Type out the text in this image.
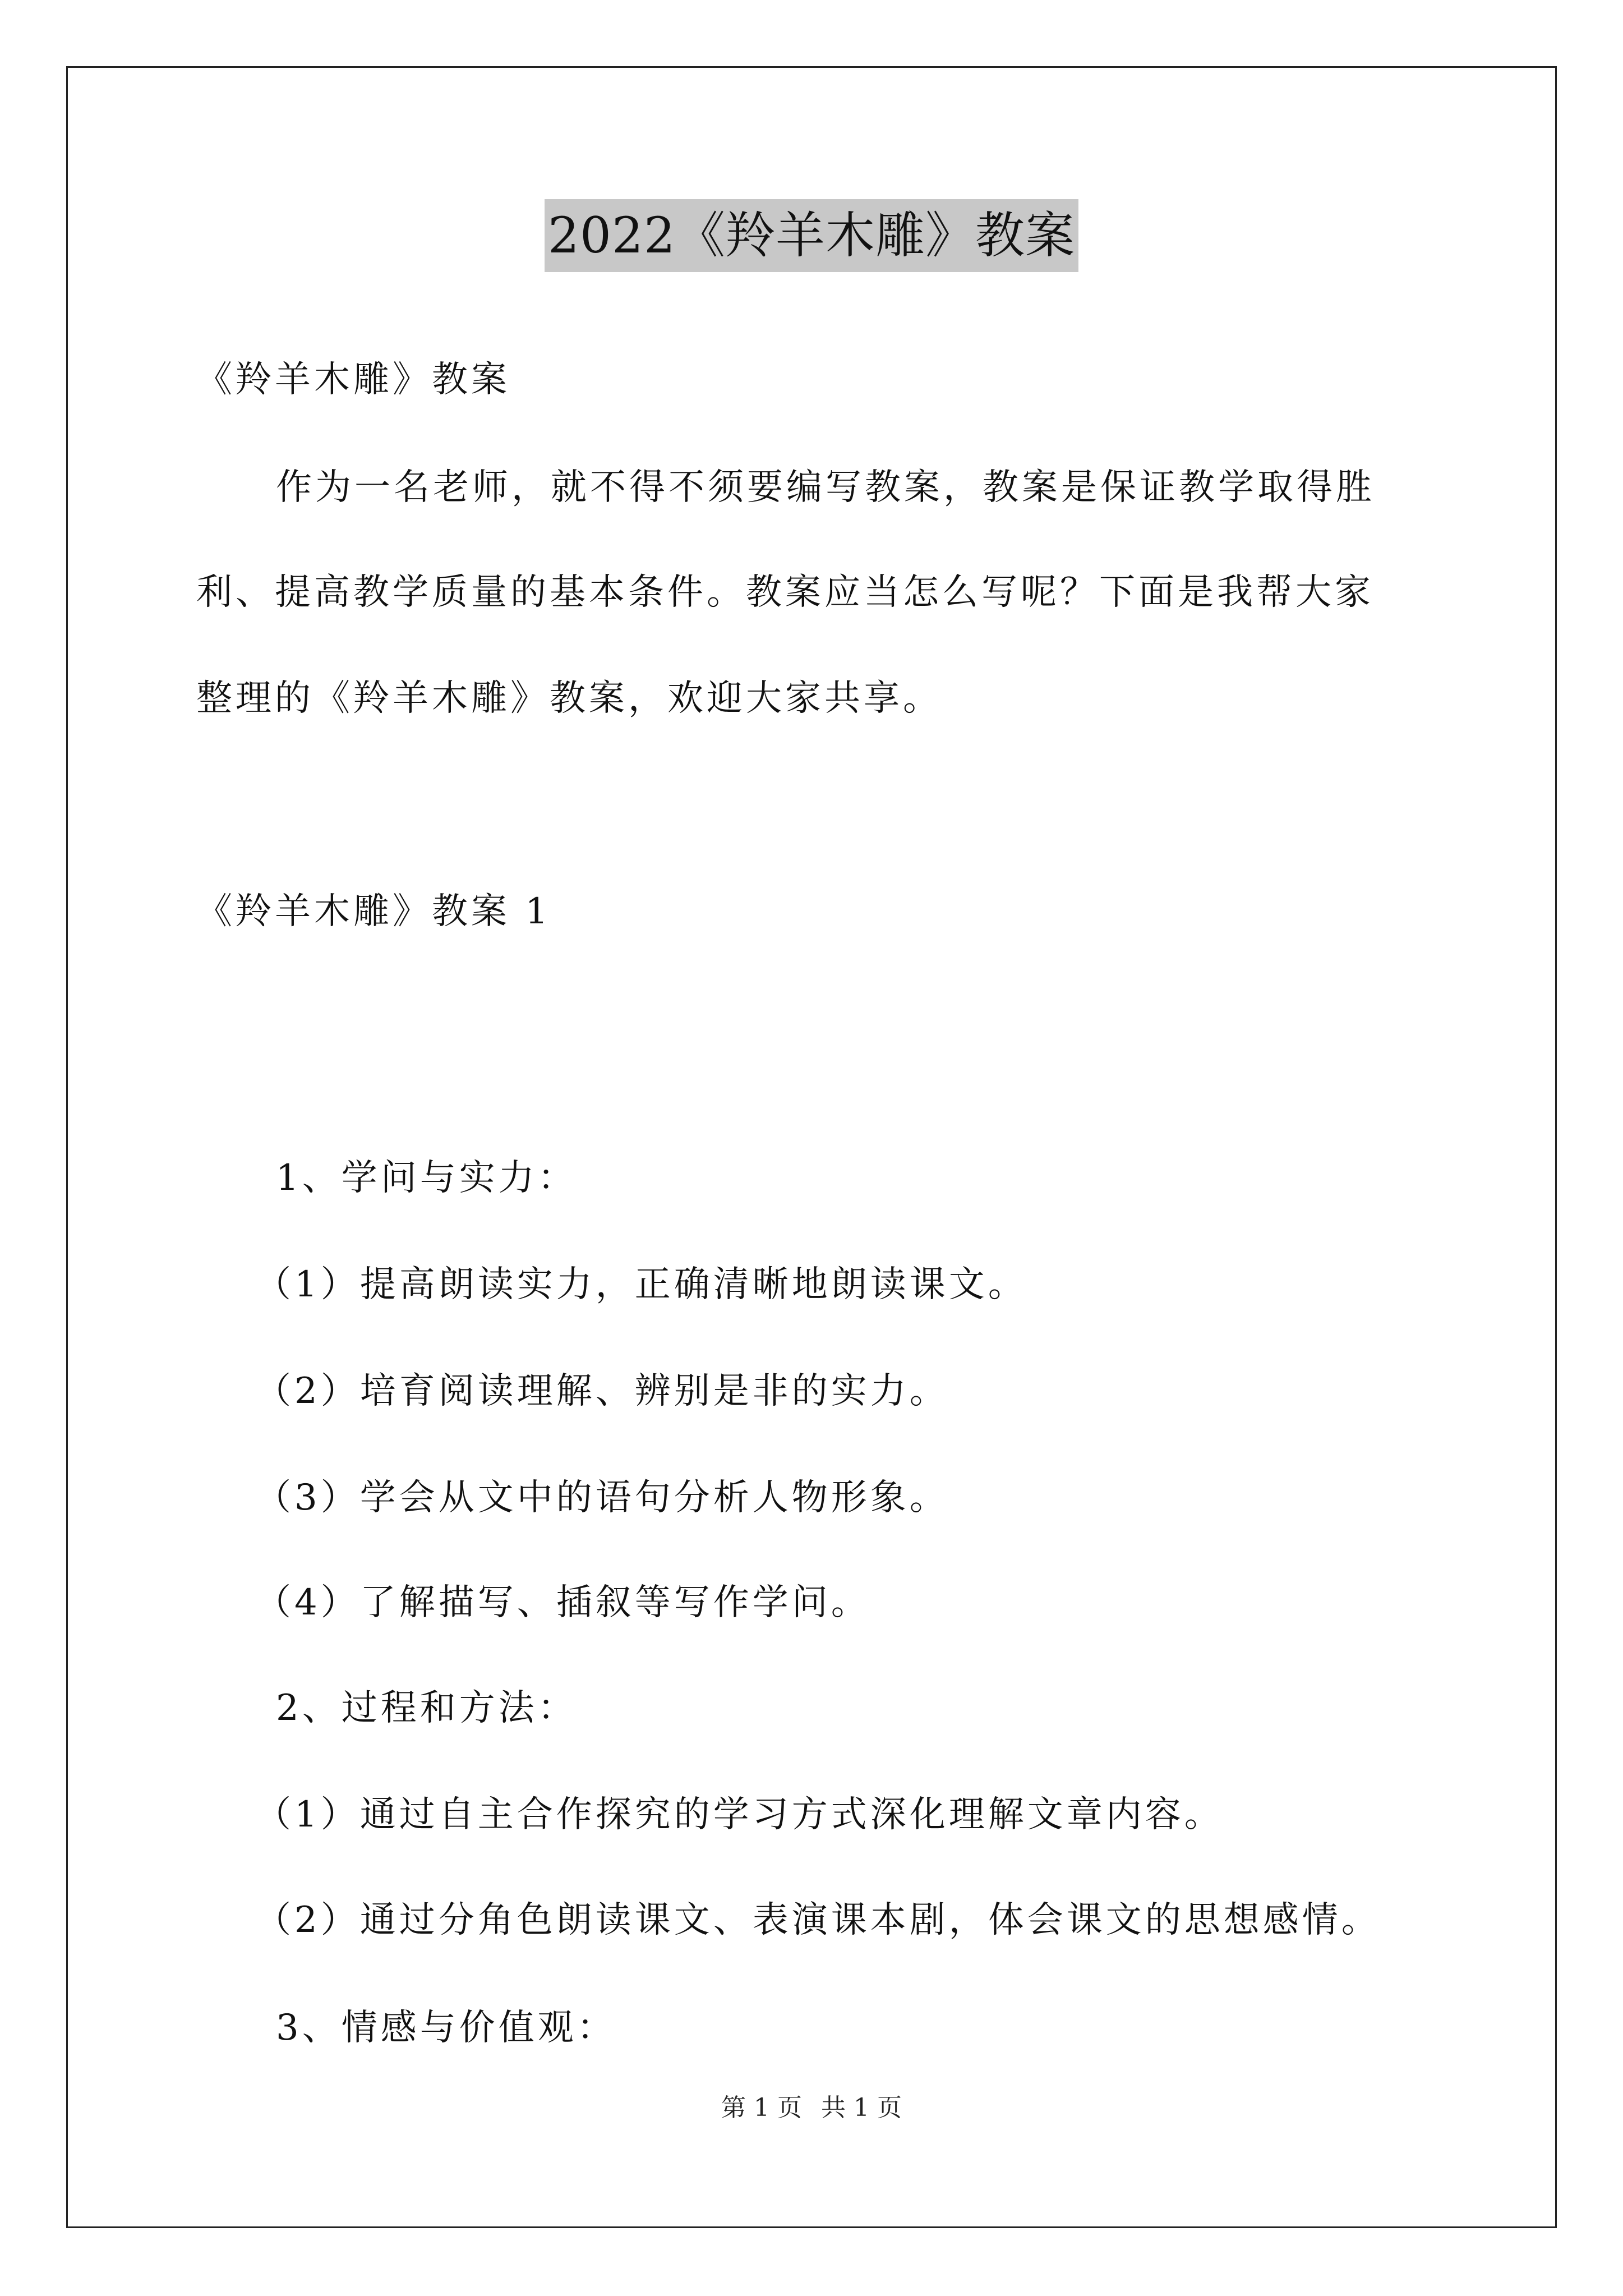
2022《羚羊木雕》教案
《羚羊木雕》教案
作为一名老师，就不得不须要编写教案，教案是保证教学取得胜
利、提高教学质量的基本条件。教案应当怎么写呢？下面是我帮大家
整理的《羚羊木雕》教案，欢迎大家共享。
《羚羊木雕》教案 1
1、学问与实力：
（1）提高朗读实力，正确清晰地朗读课文。
（2）培育阅读理解、辨别是非的实力。
（3）学会从文中的语句分析人物形象。
（4）了解描写、插叙等写作学问。
2、过程和方法：
（1）通过自主合作探究的学习方式深化理解文章内容。
（2）通过分角色朗读课文、表演课本剧，体会课文的思想感情。
3、情感与价值观：
第 1 页 共 1 页
